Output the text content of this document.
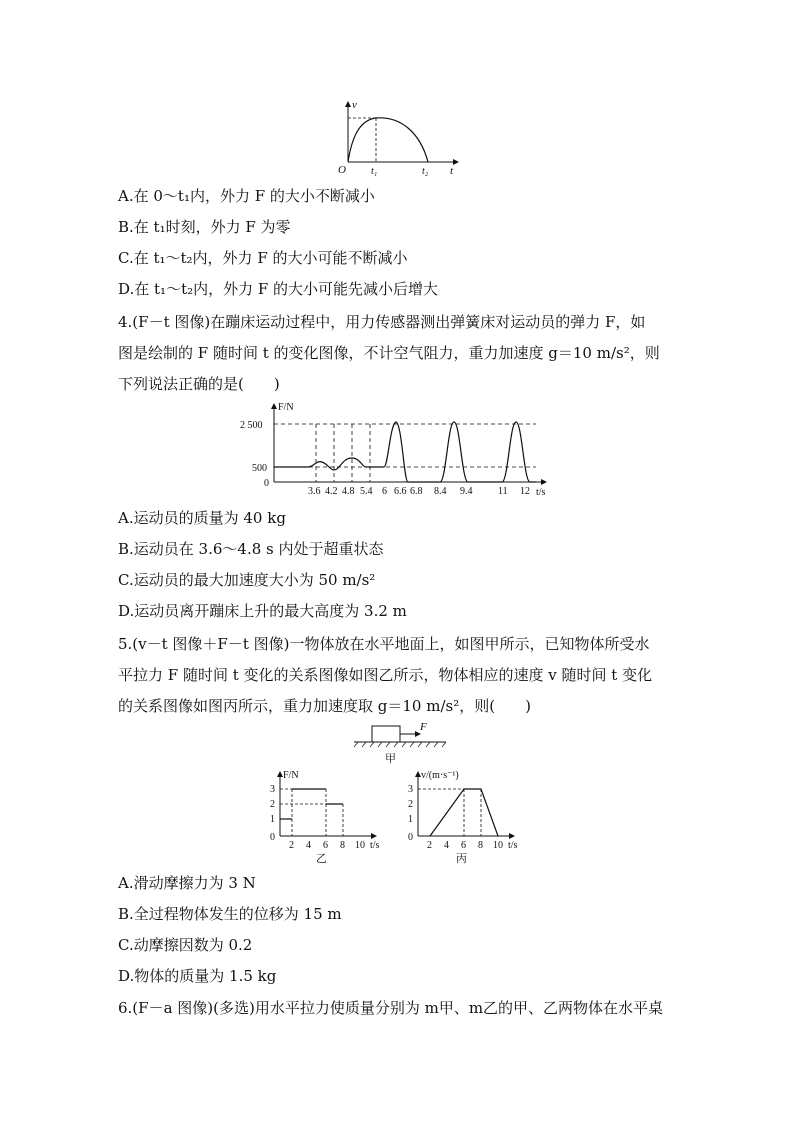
v
t
O	t₁	t₂
A.在 0～t₁内，外力 F 的大小不断减小
B.在 t₁时刻，外力 F 为零
C.在 t₁～t₂内，外力 F 的大小可能不断减小
D.在 t₁～t₂内，外力 F 的大小可能先减小后增大
4.(F－t 图像)在蹦床运动过程中，用力传感器测出弹簧床对运动员的弹力 F，如
图是绘制的 F 随时间 t 的变化图像，不计空气阻力，重力加速度 g＝10 m/s²，则
下列说法正确的是(　　)
F/N
t/s
2 500
500
0
3.6 4.2 4.8 5.4 6 6.6 6.8 8.4 9.4	11 12
A.运动员的质量为 40 kg
B.运动员在 3.6～4.8 s 内处于超重状态
C.运动员的最大加速度大小为 50 m/s²
D.运动员离开蹦床上升的最大高度为 3.2 m
5.(v－t 图像＋F－t 图像)一物体放在水平地面上，如图甲所示，已知物体所受水
平拉力 F 随时间 t 变化的关系图像如图乙所示，物体相应的速度 v 随时间 t 变化
的关系图像如图丙所示，重力加速度取 g＝10 m/s²，则(　　)
F
甲
F/N
t/s
3
2
1
0
2 4 6 8 10
乙
v/(m·s⁻¹)
t/s
3
2
1
0
2 4 6 8 10
丙
A.滑动摩擦力为 3 N
B.全过程物体发生的位移为 15 m
C.动摩擦因数为 0.2
D.物体的质量为 1.5 kg
6.(F－a 图像)(多选)用水平拉力使质量分别为 m甲、m乙的甲、乙两物体在水平桌
